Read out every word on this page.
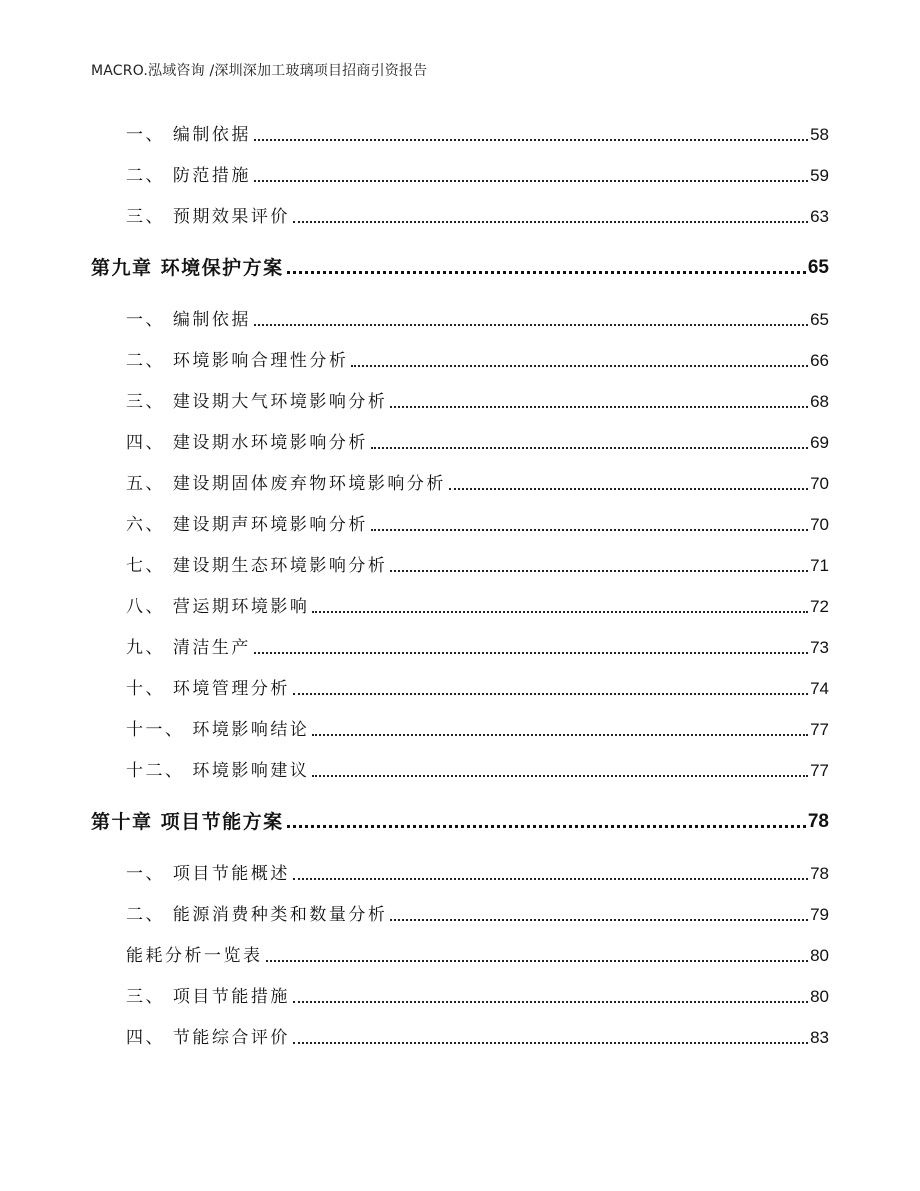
MACRO.泓域咨询 /深圳深加工玻璃项目招商引资报告
一、 编制依据	58
二、 防范措施	59
三、 预期效果评价	63
第九章 环境保护方案	65
一、 编制依据	65
二、 环境影响合理性分析	66
三、 建设期大气环境影响分析	68
四、 建设期水环境影响分析	69
五、 建设期固体废弃物环境影响分析	70
六、 建设期声环境影响分析	70
七、 建设期生态环境影响分析	71
八、 营运期环境影响	72
九、 清洁生产	73
十、 环境管理分析	74
十一、 环境影响结论	77
十二、 环境影响建议	77
第十章 项目节能方案	78
一、 项目节能概述	78
二、 能源消费种类和数量分析	79
能耗分析一览表	80
三、 项目节能措施	80
四、 节能综合评价	83
